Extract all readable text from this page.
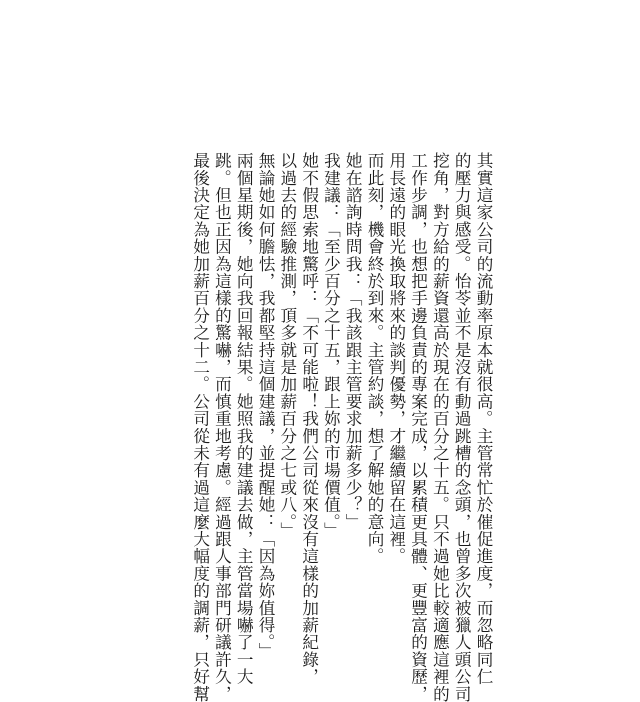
其實這家公司的流動率原本就很高。主管常忙於催促進度，而忽略同仁
的壓力與感受。怡苓並不是沒有動過跳槽的念頭，也曾多次被獵人頭公司
挖角，對方給的薪資還高於現在的百分之十五。只不過她比較適應這裡的
工作步調，也想把手邊負責的專案完成，以累積更具體、更豐富的資歷，
用長遠的眼光換取將來的談判優勢，才繼續留在這裡。
而此刻，機會終於到來。主管約談，想了解她的意向。
她在諮詢時問我：「我該跟主管要求加薪多少？」
我建議：「至少百分之十五，跟上妳的市場價值。」
她不假思索地驚呼：「不可能啦！我們公司從來沒有這樣的加薪紀錄，
以過去的經驗推測，頂多就是加薪百分之七或八。」
無論她如何膽怯，我都堅持這個建議，並提醒她：「因為妳值得。」
兩個星期後，她向我回報結果。她照我的建議去做，主管當場嚇了一大
跳。但也正因為這樣的驚嚇，而慎重地考慮。經過跟人事部門研議許久，
最後決定為她加薪百分之十二。公司從未有過這麼大幅度的調薪，只好幫
